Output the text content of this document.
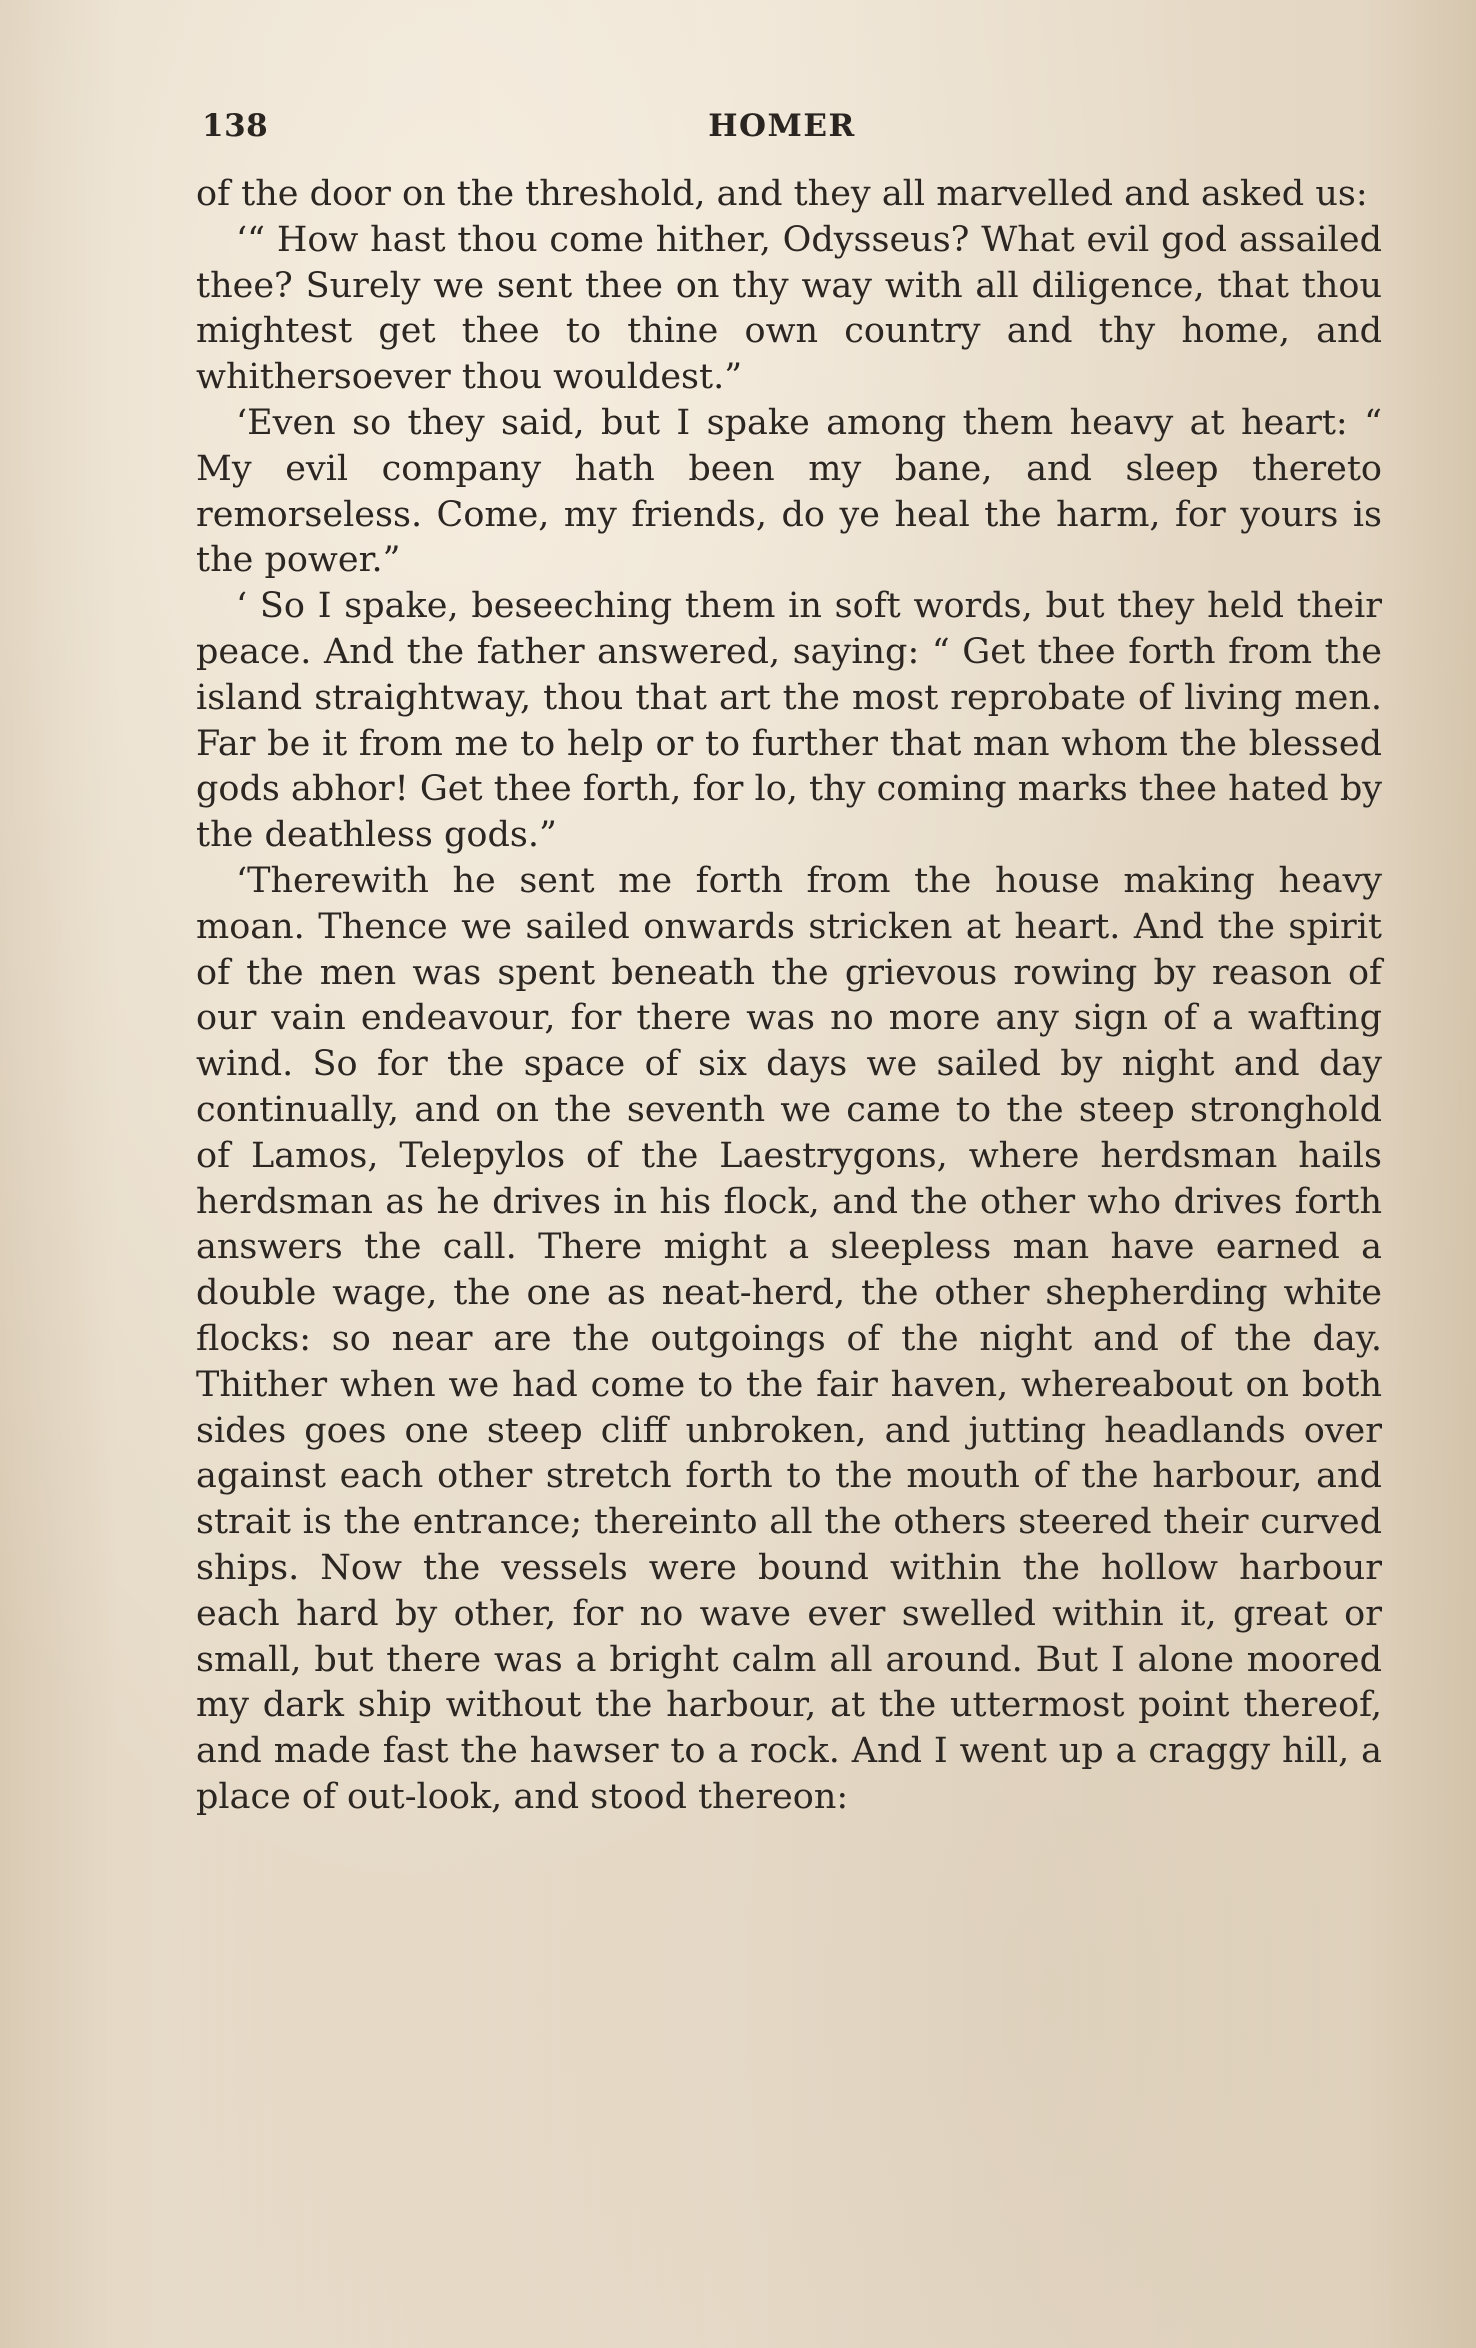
138	HOMER

of the door on the threshold, and they all marvelled and asked us:

‘“ How hast thou come hither, Odysseus? What evil god assailed thee? Surely we sent thee on thy way with all diligence, that thou mightest get thee to thine own country and thy home, and whithersoever thou wouldest.”

‘Even so they said, but I spake among them heavy at heart: “ My evil company hath been my bane, and sleep thereto remorseless. Come, my friends, do ye heal the harm, for yours is the power.”

‘ So I spake, beseeching them in soft words, but they held their peace. And the father answered, saying: “ Get thee forth from the island straightway, thou that art the most reprobate of living men. Far be it from me to help or to further that man whom the blessed gods abhor! Get thee forth, for lo, thy coming marks thee hated by the deathless gods.”

‘Therewith he sent me forth from the house making heavy moan. Thence we sailed onwards stricken at heart. And the spirit of the men was spent beneath the grievous rowing by reason of our vain endeavour, for there was no more any sign of a wafting wind. So for the space of six days we sailed by night and day continually, and on the seventh we came to the steep stronghold of Lamos, Telepylos of the Laestrygons, where herdsman hails herdsman as he drives in his flock, and the other who drives forth answers the call. There might a sleepless man have earned a double wage, the one as neat-herd, the other shepherding white flocks: so near are the outgoings of the night and of the day. Thither when we had come to the fair haven, whereabout on both sides goes one steep cliff unbroken, and jutting headlands over against each other stretch forth to the mouth of the harbour, and strait is the entrance; thereinto all the others steered their curved ships. Now the vessels were bound within the hollow harbour each hard by other, for no wave ever swelled within it, great or small, but there was a bright calm all around. But I alone moored my dark ship without the harbour, at the uttermost point thereof, and made fast the hawser to a rock. And I went up a craggy hill, a place of out-look, and stood thereon:
